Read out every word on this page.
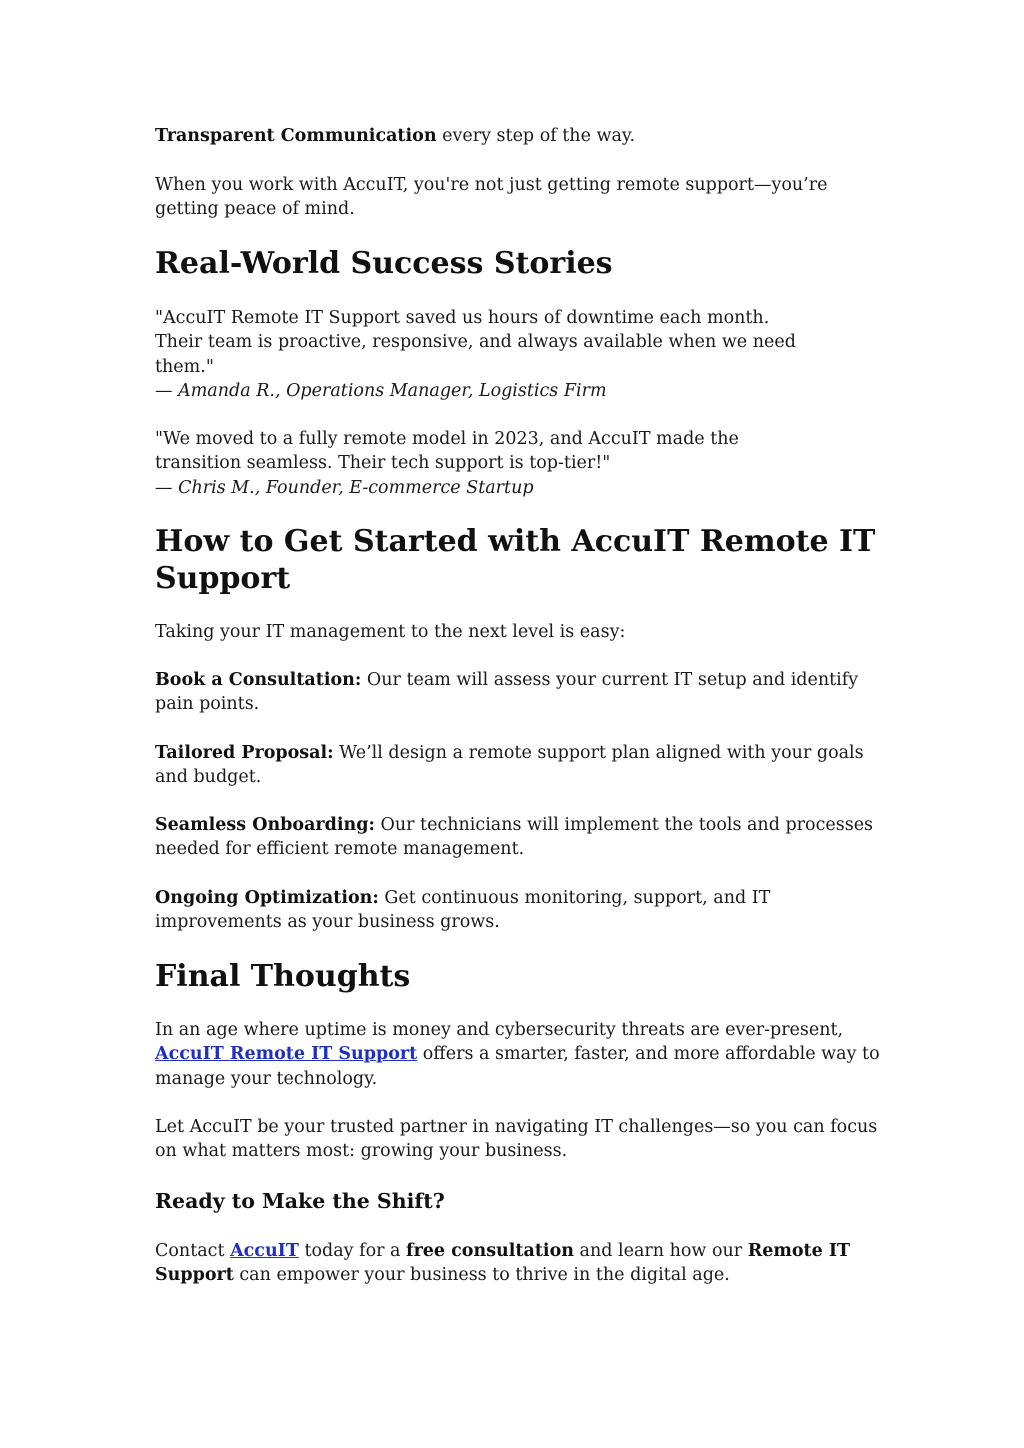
Transparent Communication every step of the way.

When you work with AccuIT, you're not just getting remote support—you’re
getting peace of mind.

Real-World Success Stories

"AccuIT Remote IT Support saved us hours of downtime each month.
Their team is proactive, responsive, and always available when we need
them."
— Amanda R., Operations Manager, Logistics Firm

"We moved to a fully remote model in 2023, and AccuIT made the
transition seamless. Their tech support is top-tier!"
— Chris M., Founder, E-commerce Startup

How to Get Started with AccuIT Remote IT
Support

Taking your IT management to the next level is easy:

Book a Consultation: Our team will assess your current IT setup and identify
pain points.

Tailored Proposal: We’ll design a remote support plan aligned with your goals
and budget.

Seamless Onboarding: Our technicians will implement the tools and processes
needed for efficient remote management.

Ongoing Optimization: Get continuous monitoring, support, and IT
improvements as your business grows.

Final Thoughts

In an age where uptime is money and cybersecurity threats are ever-present,
AccuIT Remote IT Support offers a smarter, faster, and more affordable way to
manage your technology.

Let AccuIT be your trusted partner in navigating IT challenges—so you can focus
on what matters most: growing your business.

Ready to Make the Shift?

Contact AccuIT today for a free consultation and learn how our Remote IT
Support can empower your business to thrive in the digital age.
